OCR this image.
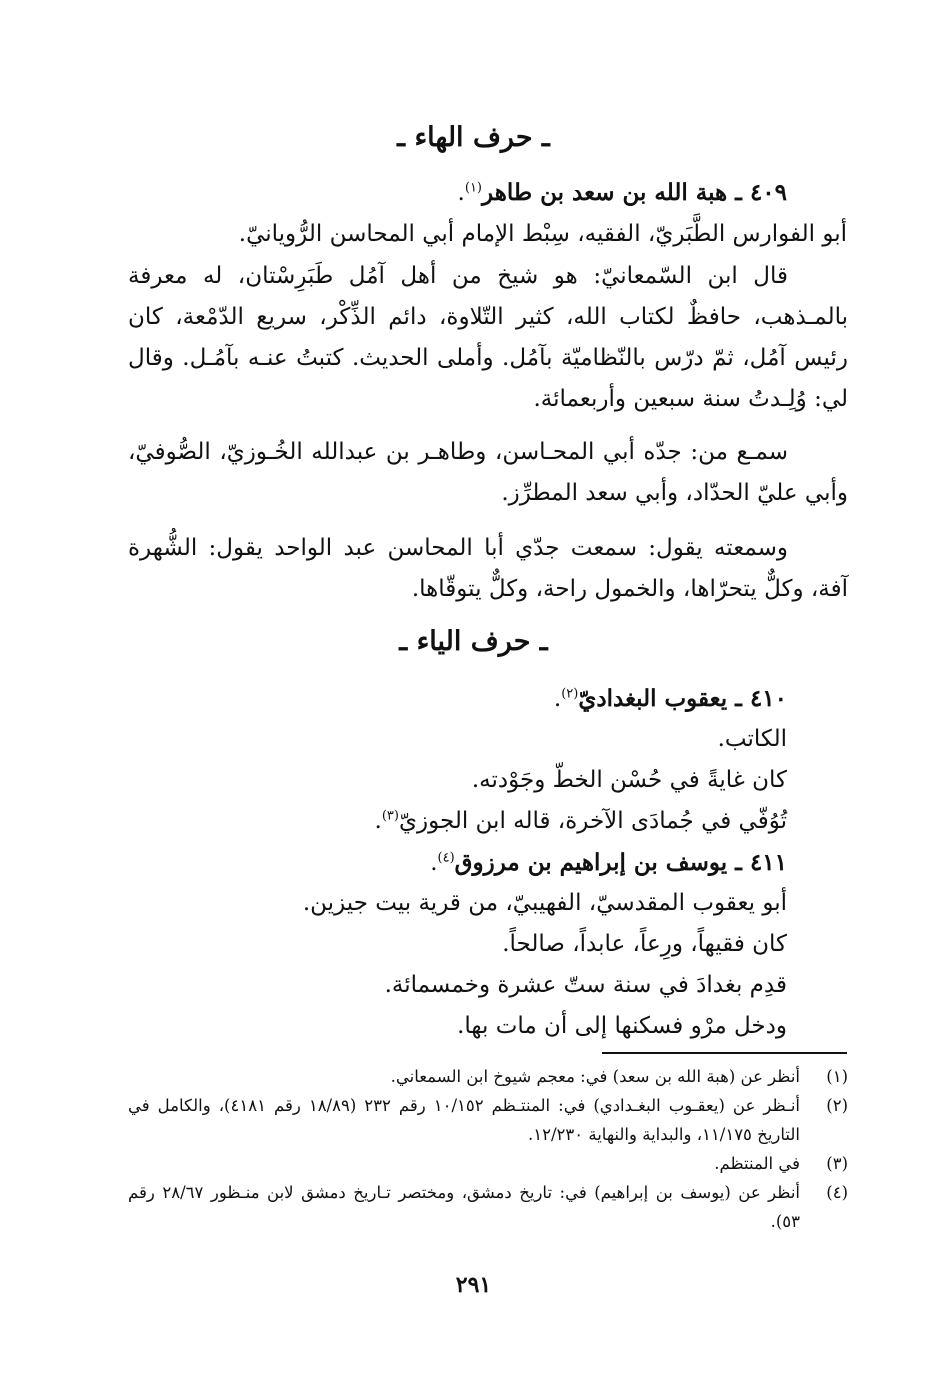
ـ حرف الهاء ـ
٤٠٩ ـ هبة الله بن سعد بن طاهر$^{(١)}$.
أبو الفوارس الطَّبَريّ، الفقيه، سِبْط الإمام أبي المحاسن الرُّويانيّ.

قال ابن السّمعانيّ: هو شيخ من أهل آمُل طَبَرِسْتان، له معرفة بالمـذهب، حافظٌ لكتاب الله، كثير التّلاوة، دائم الذِّكْر، سريع الدّمْعة، كان رئيس آمُل، ثمّ درّس بالنّظاميّة بآمُل. وأملى الحديث. كتبتُ عنـه بآمُـل. وقال لي: وُلِـدتُ سنة سبعين وأربعمائة.

سمـع من: جدّه أبي المحـاسن، وطاهـر بن عبدالله الخُـوزيّ، الصُّوفيّ، وأبي عليّ الحدّاد، وأبي سعد المطرِّز.

وسمعته يقول: سمعت جدّي أبا المحاسن عبد الواحد يقول: الشُّهرة آفة، وكلٌّ يتحرّاها، والخمول راحة، وكلٌّ يتوقّاها.

ـ حرف الياء ـ
٤١٠ ـ يعقوب البغداديّ$^{(٢)}$.
الكاتب.
كان غايةً في حُسْن الخطّ وجَوْدته.
تُوُفّي في جُمادَى الآخرة، قاله ابن الجوزيّ$^{(٣)}$.
٤١١ ـ يوسف بن إبراهيم بن مرزوق$^{(٤)}$.
أبو يعقوب المقدسيّ، الفهيبيّ، من قرية بيت جيزين.
كان فقيهاً، ورِعاً، عابداً، صالحاً.
قدِم بغدادَ في سنة ستّ عشرة وخمسمائة.
ودخل مرْو فسكنها إلى أن مات بها.
(١)
أنظر عن (هبة الله بن سعد) في: معجم شيوخ ابن السمعاني.
(٢)
أنـظر عن (يعقـوب البغـدادي) في: المنتـظم ١٠/١٥٢ رقم ٢٣٢ (١٨/٨٩ رقم ٤١٨١)، والكامل في التاريخ ١١/١٧٥، والبداية والنهاية ١٢/٢٣٠.
(٣)
في المنتظم.
(٤)
أنظر عن (يوسف بن إبراهيم) في: تاريخ دمشق، ومختصر تـاريخ دمشق لابن منـظور ٢٨/٦٧ رقم ٥٣).
٢٩١
